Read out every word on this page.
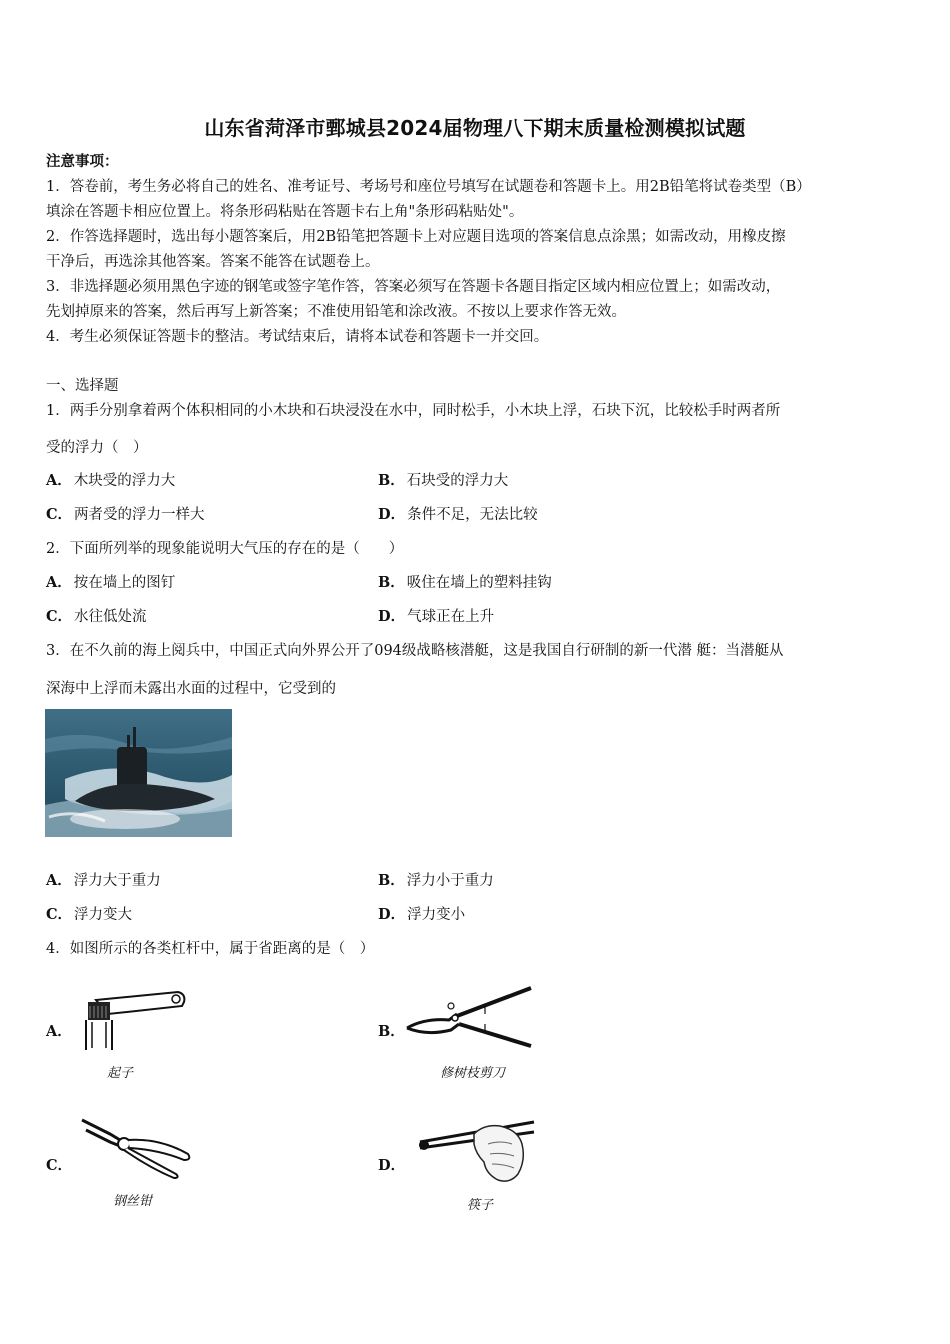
山东省菏泽市鄄城县2024届物理八下期末质量检测模拟试题
注意事项：
1．答卷前，考生务必将自己的姓名、准考证号、考场号和座位号填写在试题卷和答题卡上。用2B铅笔将试卷类型（B）
填涂在答题卡相应位置上。将条形码粘贴在答题卡右上角"条形码粘贴处"。
2．作答选择题时，选出每小题答案后，用2B铅笔把答题卡上对应题目选项的答案信息点涂黑；如需改动，用橡皮擦
干净后，再选涂其他答案。答案不能答在试题卷上。
3．非选择题必须用黑色字迹的钢笔或签字笔作答，答案必须写在答题卡各题目指定区域内相应位置上；如需改动，
先划掉原来的答案，然后再写上新答案；不准使用铅笔和涂改液。不按以上要求作答无效。
4．考生必须保证答题卡的整洁。考试结束后，请将本试卷和答题卡一并交回。
一、选择题
1．两手分别拿着两个体积相同的小木块和石块浸没在水中，同时松手，小木块上浮，石块下沉，比较松手时两者所
受的浮力（　）
A． 木块受的浮力大	B． 石块受的浮力大
C． 两者受的浮力一样大	D． 条件不足，无法比较
2．下面所列举的现象能说明大气压的存在的是（　　）
A． 按在墙上的图钉	B． 吸住在墙上的塑料挂钩
C． 水往低处流	D． 气球正在上升
3．在不久前的海上阅兵中，中国正式向外界公开了094级战略核潜艇，这是我国自行研制的新一代潜 艇：当潜艇从
深海中上浮而未露出水面的过程中，它受到的
A． 浮力大于重力	B． 浮力小于重力
C． 浮力变大	D． 浮力变小
4．如图所示的各类杠杆中，属于省距离的是（　）
A．
起子
B．
修树枝剪刀
C．
钢丝钳
D．
筷子
